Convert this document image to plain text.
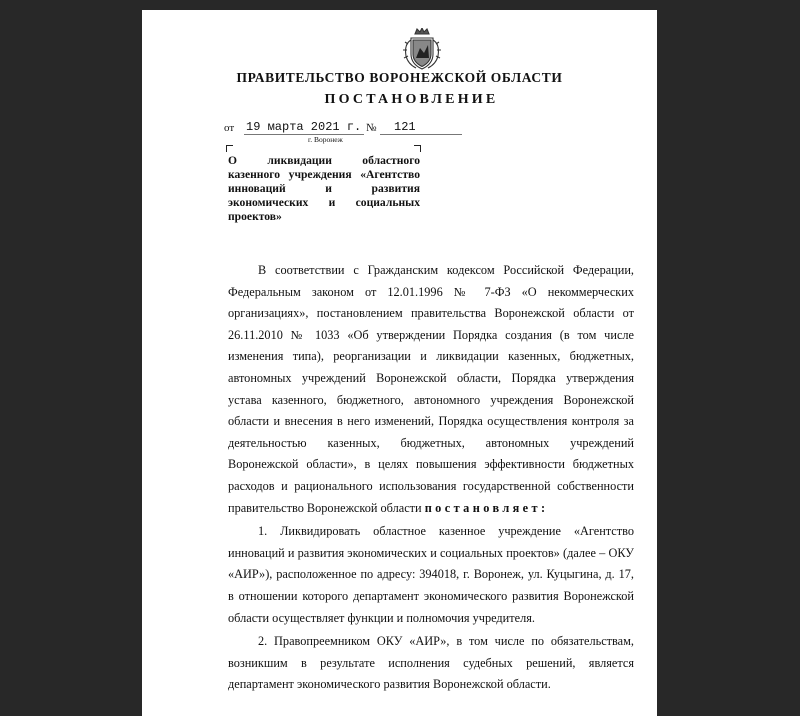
ПРАВИТЕЛЬСТВО ВОРОНЕЖСКОЙ ОБЛАСТИ
ПОСТАНОВЛЕНИЕ
от 19 марта 2021 г. № 121
г. Воронеж
О ликвидации областного
казенного учреждения «Агентство
инноваций и развития
экономических и социальных
проектов»

В соответствии с Гражданским кодексом Российской Федерации, Федеральным законом от 12.01.1996 № 7-ФЗ «О некоммерческих организациях», постановлением правительства Воронежской области от 26.11.2010 № 1033 «Об утверждении Порядка создания (в том числе изменения типа), реорганизации и ликвидации казенных, бюджетных, автономных учреждений Воронежской области, Порядка утверждения устава казенного, бюджетного, автономного учреждения Воронежской области и внесения в него изменений, Порядка осуществления контроля за деятельностью казенных, бюджетных, автономных учреждений Воронежской области», в целях повышения эффективности бюджетных расходов и рационального использования государственной собственности правительство Воронежской области постановляет:

1. Ликвидировать областное казенное учреждение «Агентство инноваций и развития экономических и социальных проектов» (далее – ОКУ «АИР»), расположенное по адресу: 394018, г. Воронеж, ул. Куцыгина, д. 17, в отношении которого департамент экономического развития Воронежской области осуществляет функции и полномочия учредителя.

2. Правопреемником ОКУ «АИР», в том числе по обязательствам, возникшим в результате исполнения судебных решений, является департамент экономического развития Воронежской области.
